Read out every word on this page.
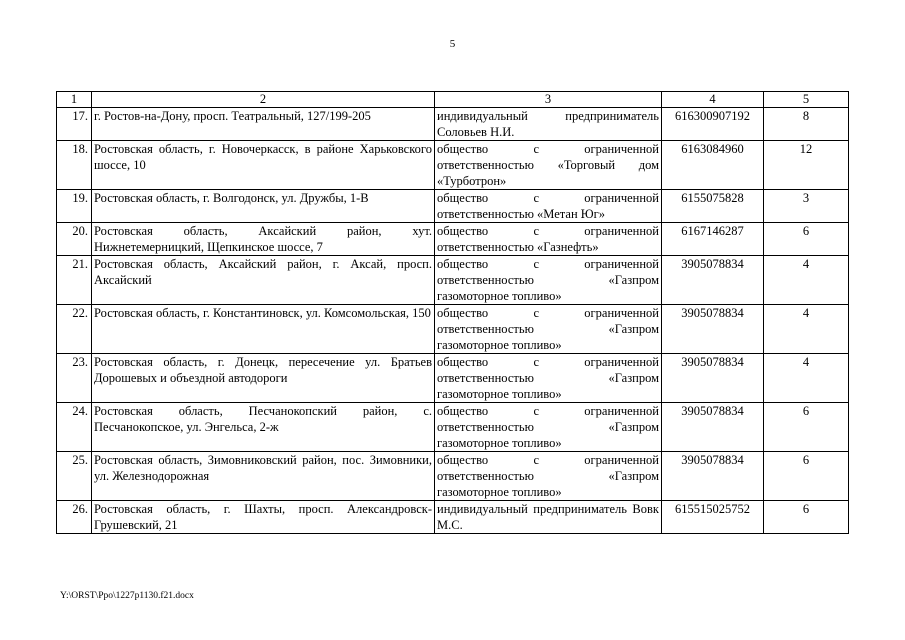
5
1	2	3	4	5
17.	г. Ростов-на-Дону, просп. Театральный, 127/199-205	индивидуальный предприниматель Соловьев Н.И.	616300907192	8
18.	Ростовская область, г. Новочеркасск, в районе Харьковского шоссе, 10	общество с ограниченной ответственностью «Торговый дом «Турботрон»	6163084960	12
19.	Ростовская область, г. Волгодонск, ул. Дружбы, 1-В	общество с ограниченной ответственностью «Метан Юг»	6155075828	3
20.	Ростовская область, Аксайский район, хут. Нижнетемерницкий, Щепкинское шоссе, 7	общество с ограниченной ответственностью «Газнефть»	6167146287	6
21.	Ростовская область, Аксайский район, г. Аксай, просп. Аксайский	общество с ограниченной ответственностью «Газпром газомоторное топливо»	3905078834	4
22.	Ростовская область, г. Константиновск, ул. Комсомольская, 150	общество с ограниченной ответственностью «Газпром газомоторное топливо»	3905078834	4
23.	Ростовская область, г. Донецк, пересечение ул. Братьев Дорошевых и объездной автодороги	общество с ограниченной ответственностью «Газпром газомоторное топливо»	3905078834	4
24.	Ростовская область, Песчанокопский район, с. Песчанокопское, ул. Энгельса, 2-ж	общество с ограниченной ответственностью «Газпром газомоторное топливо»	3905078834	6
25.	Ростовская область, Зимовниковский район, пос. Зимовники, ул. Железнодорожная	общество с ограниченной ответственностью «Газпром газомоторное топливо»	3905078834	6
26.	Ростовская область, г. Шахты, просп. Александровск-Грушевский, 21	индивидуальный предприниматель Вовк М.С.	615515025752	6
Y:\ORST\Ppo\1227p1130.f21.docx
